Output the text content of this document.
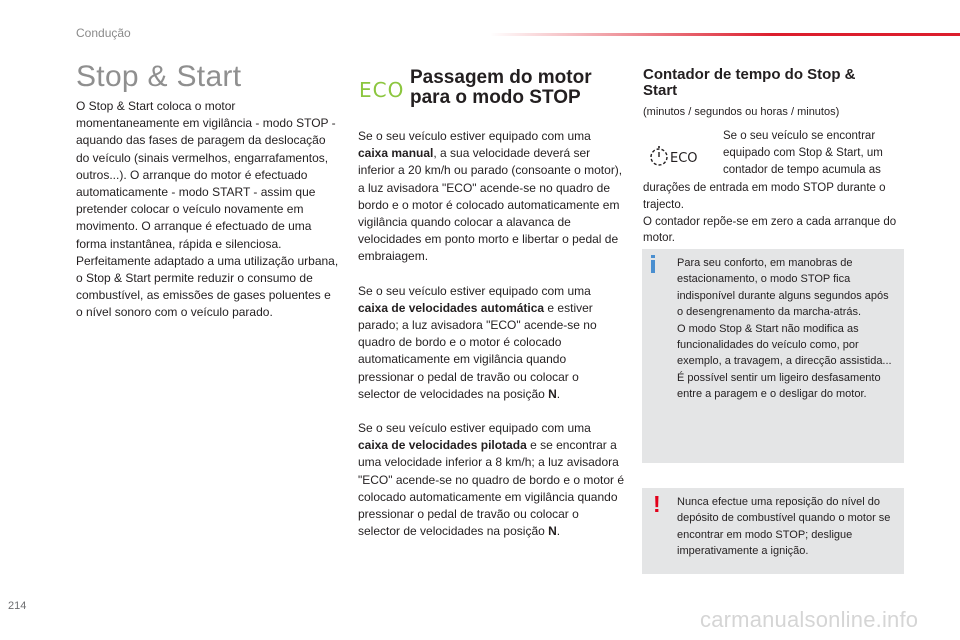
Condução
Stop & Start

O Stop & Start coloca o motor momentaneamente em vigilância - modo STOP - aquando das fases de paragem da deslocação do veículo (sinais vermelhos, engarrafamentos, outros...). O arranque do motor é efectuado automaticamente - modo START - assim que pretender colocar o veículo novamente em movimento. O arranque é efectuado de uma forma instantânea, rápida e silenciosa.

Perfeitamente adaptado a uma utilização urbana, o Stop & Start permite reduzir o consumo de combustível, as emissões de gases poluentes e o nível sonoro com o veículo parado.

ECO
Passagem do motor para o modo STOP

Se o seu veículo estiver equipado com uma caixa manual, a sua velocidade deverá ser inferior a 20 km/h ou parado (consoante o motor), a luz avisadora "ECO" acende-se no quadro de bordo e o motor é colocado automaticamente em vigilância quando colocar a alavanca de velocidades em ponto morto e libertar o pedal de embraiagem.

Se o seu veículo estiver equipado com uma caixa de velocidades automática e estiver parado; a luz avisadora "ECO" acende-se no quadro de bordo e o motor é colocado automaticamente em vigilância quando pressionar o pedal de travão ou colocar o selector de velocidades na posição N.

Se o seu veículo estiver equipado com uma caixa de velocidades pilotada e se encontrar a uma velocidade inferior a 8 km/h; a luz avisadora "ECO" acende-se no quadro de bordo e o motor é colocado automaticamente em vigilância quando pressionar o pedal de travão ou colocar o selector de velocidades na posição N.

Contador de tempo do Stop & Start
(minutos / segundos ou horas / minutos)
ECO
Se o seu veículo se encontrar equipado com Stop & Start, um contador de tempo acumula as
durações de entrada em modo STOP durante o trajecto.
O contador repõe-se em zero a cada arranque do motor.
Para seu conforto, em manobras de estacionamento, o modo STOP fica indisponível durante alguns segundos após o desengrenamento da marcha-atrás.
O modo Stop & Start não modifica as funcionalidades do veículo como, por exemplo, a travagem, a direcção assistida...
É possível sentir um ligeiro desfasamento entre a paragem e o desligar do motor.
! Nunca efectue uma reposição do nível do depósito de combustível quando o motor se encontrar em modo STOP; desligue imperativamente a ignição.
214
carmanualsonline.info
